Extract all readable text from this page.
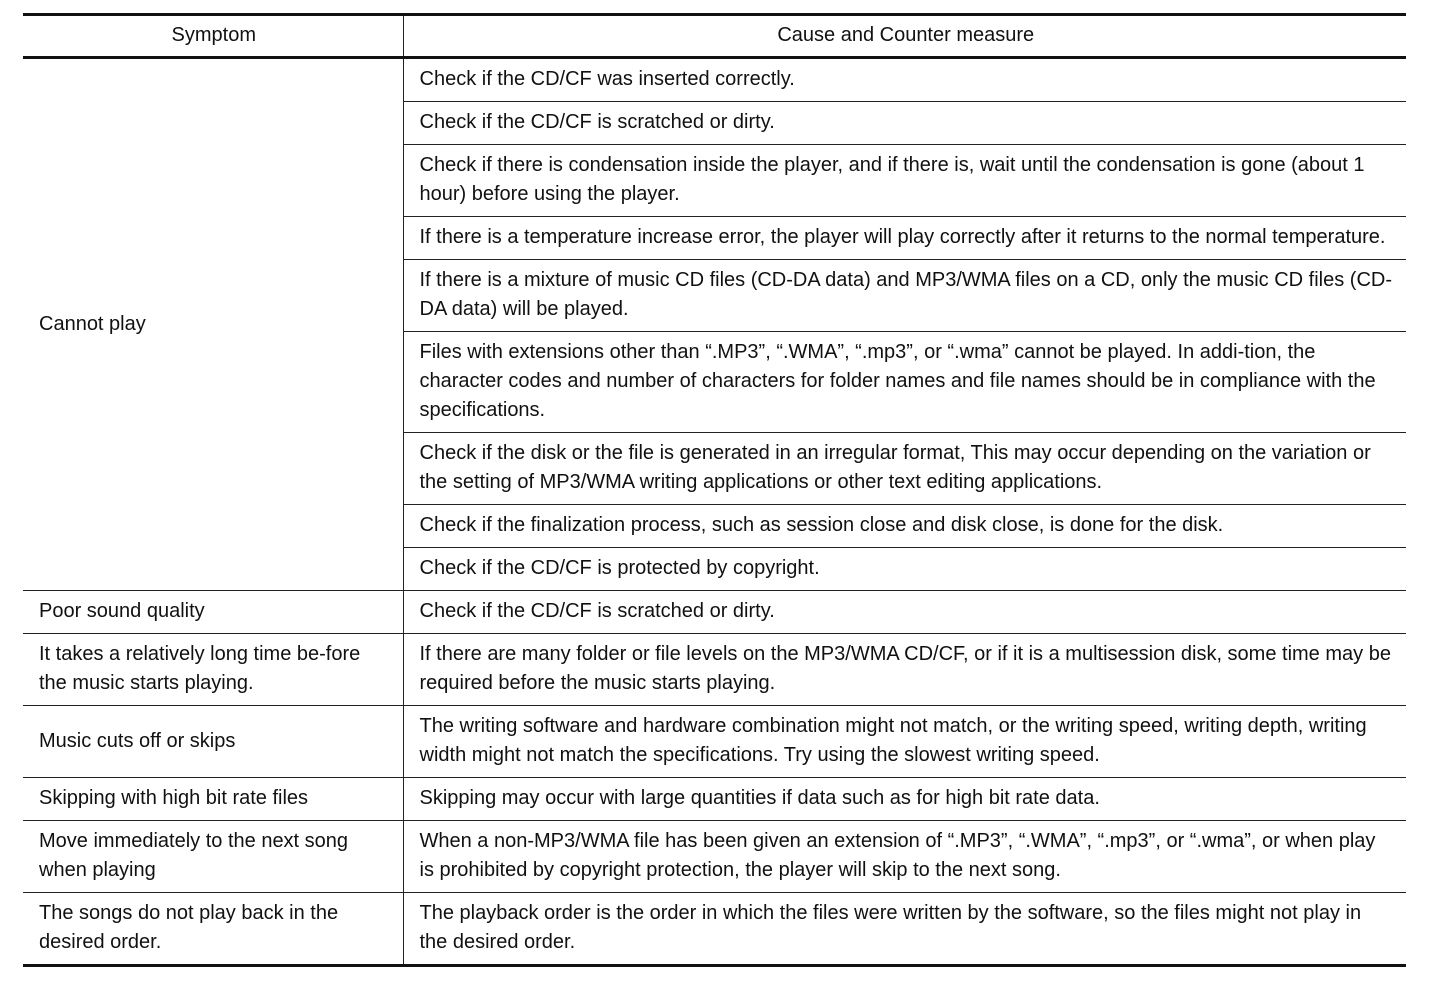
Symptom	Cause and Counter measure
Cannot play	Check if the CD/CF was inserted correctly.
	Check if the CD/CF is scratched or dirty.
	Check if there is condensation inside the player, and if there is, wait until the condensation is gone (about 1 hour) before using the player.
	If there is a temperature increase error, the player will play correctly after it returns to the normal temperature.
	If there is a mixture of music CD files (CD-DA data) and MP3/WMA files on a CD, only the music CD files (CD-DA data) will be played.
	Files with extensions other than “.MP3”, “.WMA”, “.mp3”, or “.wma” cannot be played. In addi-tion, the character codes and number of characters for folder names and file names should be in compliance with the specifications.
	Check if the disk or the file is generated in an irregular format, This may occur depending on the variation or the setting of MP3/WMA writing applications or other text editing applications.
	Check if the finalization process, such as session close and disk close, is done for the disk.
	Check if the CD/CF is protected by copyright.
Poor sound quality	Check if the CD/CF is scratched or dirty.
It takes a relatively long time be-fore the music starts playing.	If there are many folder or file levels on the MP3/WMA CD/CF, or if it is a multisession disk, some time may be required before the music starts playing.
Music cuts off or skips	The writing software and hardware combination might not match, or the writing speed, writing depth, writing width might not match the specifications. Try using the slowest writing speed.
Skipping with high bit rate files	Skipping may occur with large quantities if data such as for high bit rate data.
Move immediately to the next song when playing	When a non-MP3/WMA file has been given an extension of “.MP3”, “.WMA”, “.mp3”, or “.wma”, or when play is prohibited by copyright protection, the player will skip to the next song.
The songs do not play back in the desired order.	The playback order is the order in which the files were written by the software, so the files might not play in the desired order.
